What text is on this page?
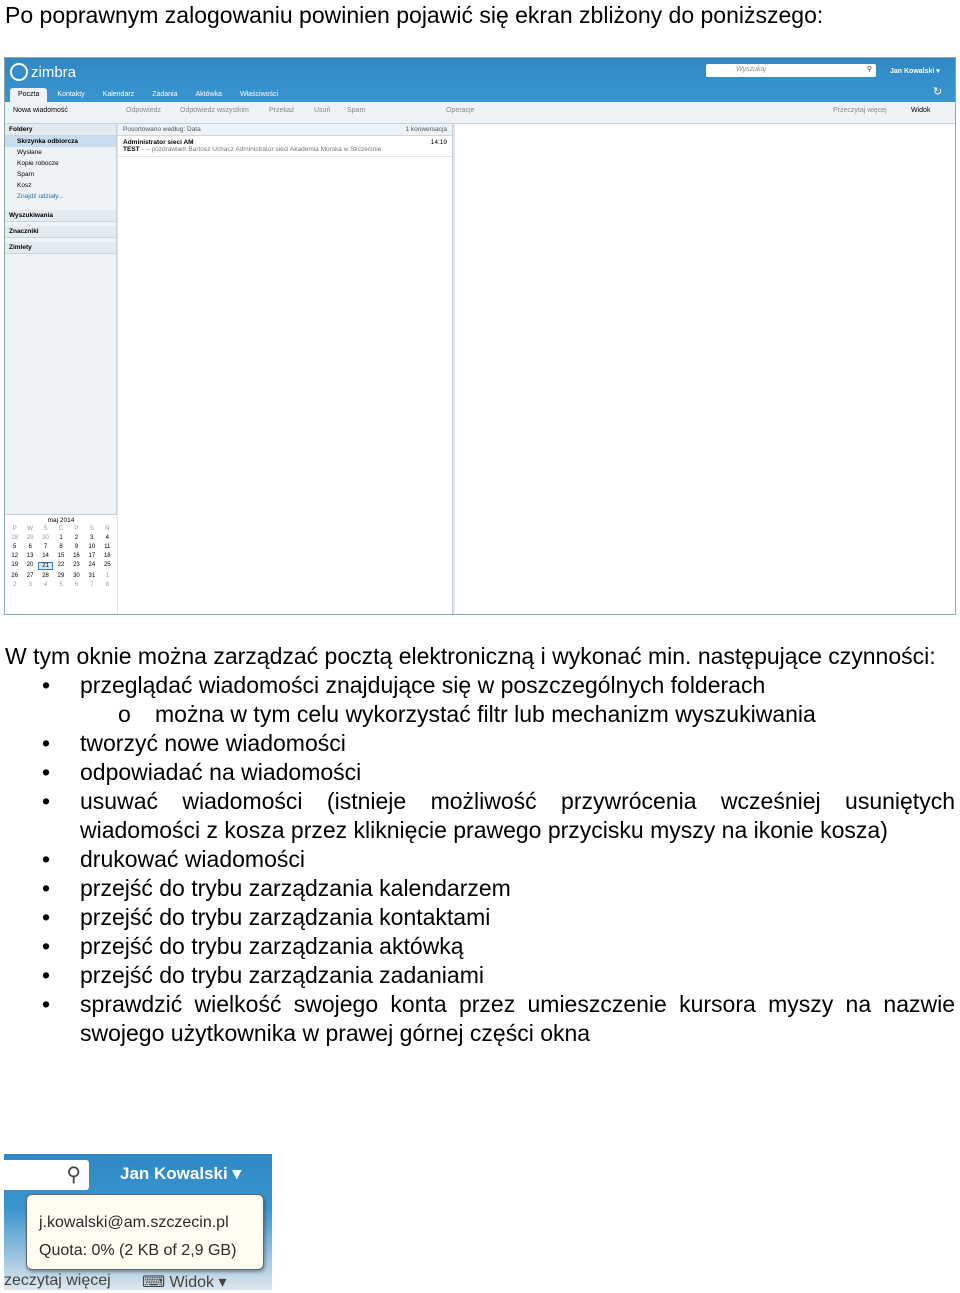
Po poprawnym zalogowaniu powinien pojawić się ekran zbliżony do poniższego:
zimbra	Wyszukaj	⚲	Jan Kowalski ▾
↻
Poczta	Kontakty	Kalendarz	Zadania	Aktówka	Właściwości
Nowa wiadomość	Odpowiedz	Odpowiedz wszystkim	Przekaż	Usuń Spam	Operacje	Przeczytaj więcej	Widok
Foldery
Skrzynka odbiorcza
Wysłane
Kopie robocze
Spam
Kosz
Znajdź udziały...
Wyszukiwania
Znaczniki
Zimlety
maj 2014
P	W	Ś	C	P	S	N
28	29	30	1	2	3	4
5	6	7	8	9	10	11
12	13	14	15	16	17	18
19	20	21	22	23	24	25
26	27	28	29	30	31	1
2	3	4	5	6	7	8
Posortowano według: Data	1 konwersacja
Administrator sieci AM	14:19
TEST - -- pozdrawiam Bartosz Uchacz Administrator sieci Akademia Morska w Szczecinie

W tym oknie można zarządzać pocztą elektroniczną i wykonać min. następujące czynności:

• przeglądać wiadomości znajdujące się w poszczególnych folderach
o można w tym celu wykorzystać filtr lub mechanizm wyszukiwania
• tworzyć nowe wiadomości
• odpowiadać na wiadomości
• usuwać wiadomości (istnieje możliwość przywrócenia wcześniej usuniętych wiadomości z kosza przez kliknięcie prawego przycisku myszy na ikonie kosza)
• drukować wiadomości
• przejść do trybu zarządzania kalendarzem
• przejść do trybu zarządzania kontaktami
• przejść do trybu zarządzania aktówką
• przejść do trybu zarządzania zadaniami
• sprawdzić wielkość swojego konta przez umieszczenie kursora myszy na nazwie swojego użytkownika w prawej górnej części okna
⚲ Jan Kowalski ▾
j.kowalski@am.szczecin.pl
Quota: 0% (2 KB of 2,9 GB)
zeczytaj więcej ⌨ Widok ▾
